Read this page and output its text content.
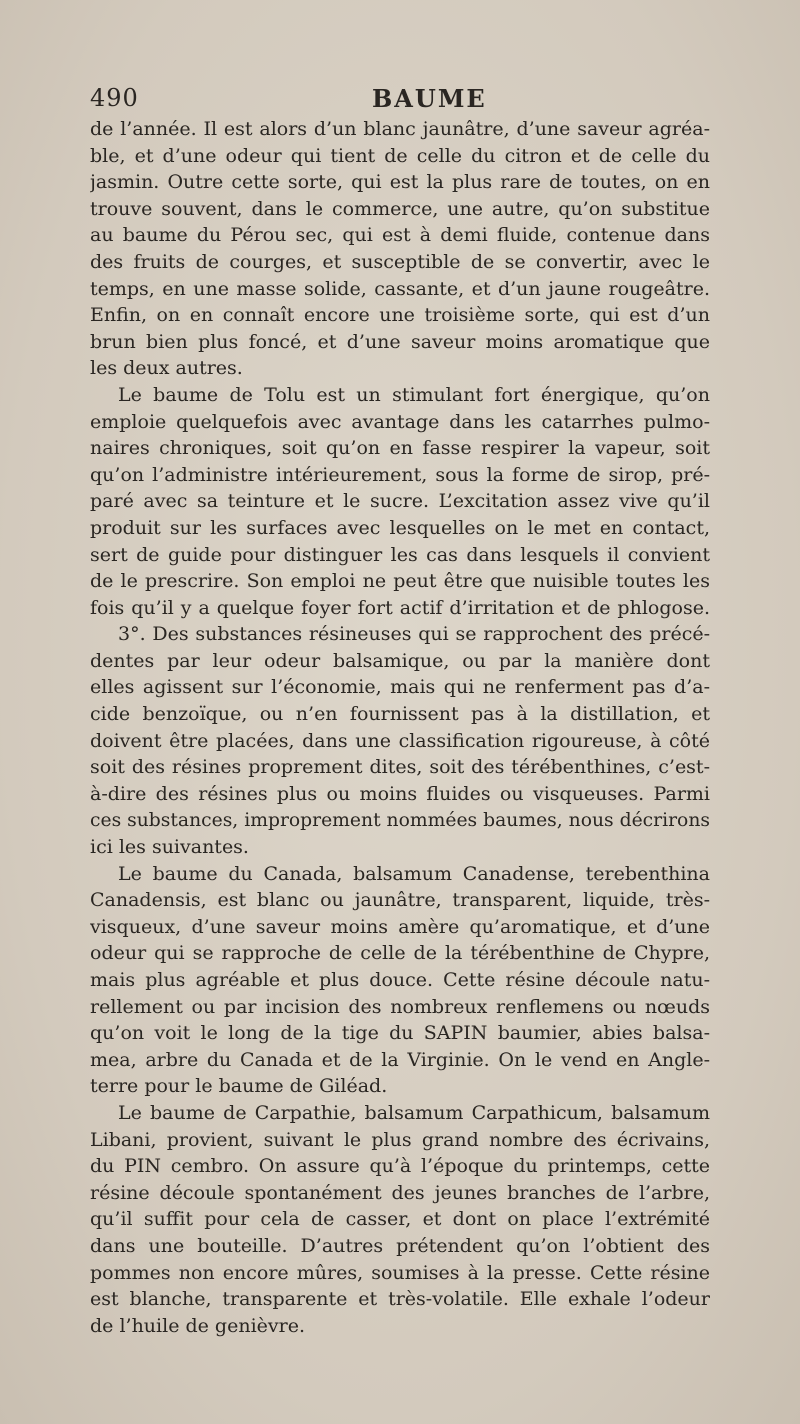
490	BAUME
de l’année. Il est alors d’un blanc jaunâtre, d’une saveur agréa-
ble, et d’une odeur qui tient de celle du citron et de celle du
jasmin. Outre cette sorte, qui est la plus rare de toutes, on en
trouve souvent, dans le commerce, une autre, qu’on substitue
au baume du Pérou sec, qui est à demi fluide, contenue dans
des fruits de courges, et susceptible de se convertir, avec le
temps, en une masse solide, cassante, et d’un jaune rougeâtre.
Enfin, on en connaît encore une troisième sorte, qui est d’un
brun bien plus foncé, et d’une saveur moins aromatique que
les deux autres.
Le baume de Tolu est un stimulant fort énergique, qu’on
emploie quelquefois avec avantage dans les catarrhes pulmo-
naires chroniques, soit qu’on en fasse respirer la vapeur, soit
qu’on l’administre intérieurement, sous la forme de sirop, pré-
paré avec sa teinture et le sucre. L’excitation assez vive qu’il
produit sur les surfaces avec lesquelles on le met en contact,
sert de guide pour distinguer les cas dans lesquels il convient
de le prescrire. Son emploi ne peut être que nuisible toutes les
fois qu’il y a quelque foyer fort actif d’irritation et de phlogose.
3°. Des substances résineuses qui se rapprochent des précé-
dentes par leur odeur balsamique, ou par la manière dont
elles agissent sur l’économie, mais qui ne renferment pas d’a-
cide benzoïque, ou n’en fournissent pas à la distillation, et
doivent être placées, dans une classification rigoureuse, à côté
soit des résines proprement dites, soit des térébenthines, c’est-
à-dire des résines plus ou moins fluides ou visqueuses. Parmi
ces substances, improprement nommées baumes, nous décrirons
ici les suivantes.
Le baume du Canada, balsamum Canadense, terebenthina
Canadensis, est blanc ou jaunâtre, transparent, liquide, très-
visqueux, d’une saveur moins amère qu’aromatique, et d’une
odeur qui se rapproche de celle de la térébenthine de Chypre,
mais plus agréable et plus douce. Cette résine découle natu-
rellement ou par incision des nombreux renflemens ou nœuds
qu’on voit le long de la tige du SAPIN baumier, abies balsa-
mea, arbre du Canada et de la Virginie. On le vend en Angle-
terre pour le baume de Giléad.
Le baume de Carpathie, balsamum Carpathicum, balsamum
Libani, provient, suivant le plus grand nombre des écrivains,
du PIN cembro. On assure qu’à l’époque du printemps, cette
résine découle spontanément des jeunes branches de l’arbre,
qu’il suffit pour cela de casser, et dont on place l’extrémité
dans une bouteille. D’autres prétendent qu’on l’obtient des
pommes non encore mûres, soumises à la presse. Cette résine
est blanche, transparente et très-volatile. Elle exhale l’odeur
de l’huile de genièvre.
